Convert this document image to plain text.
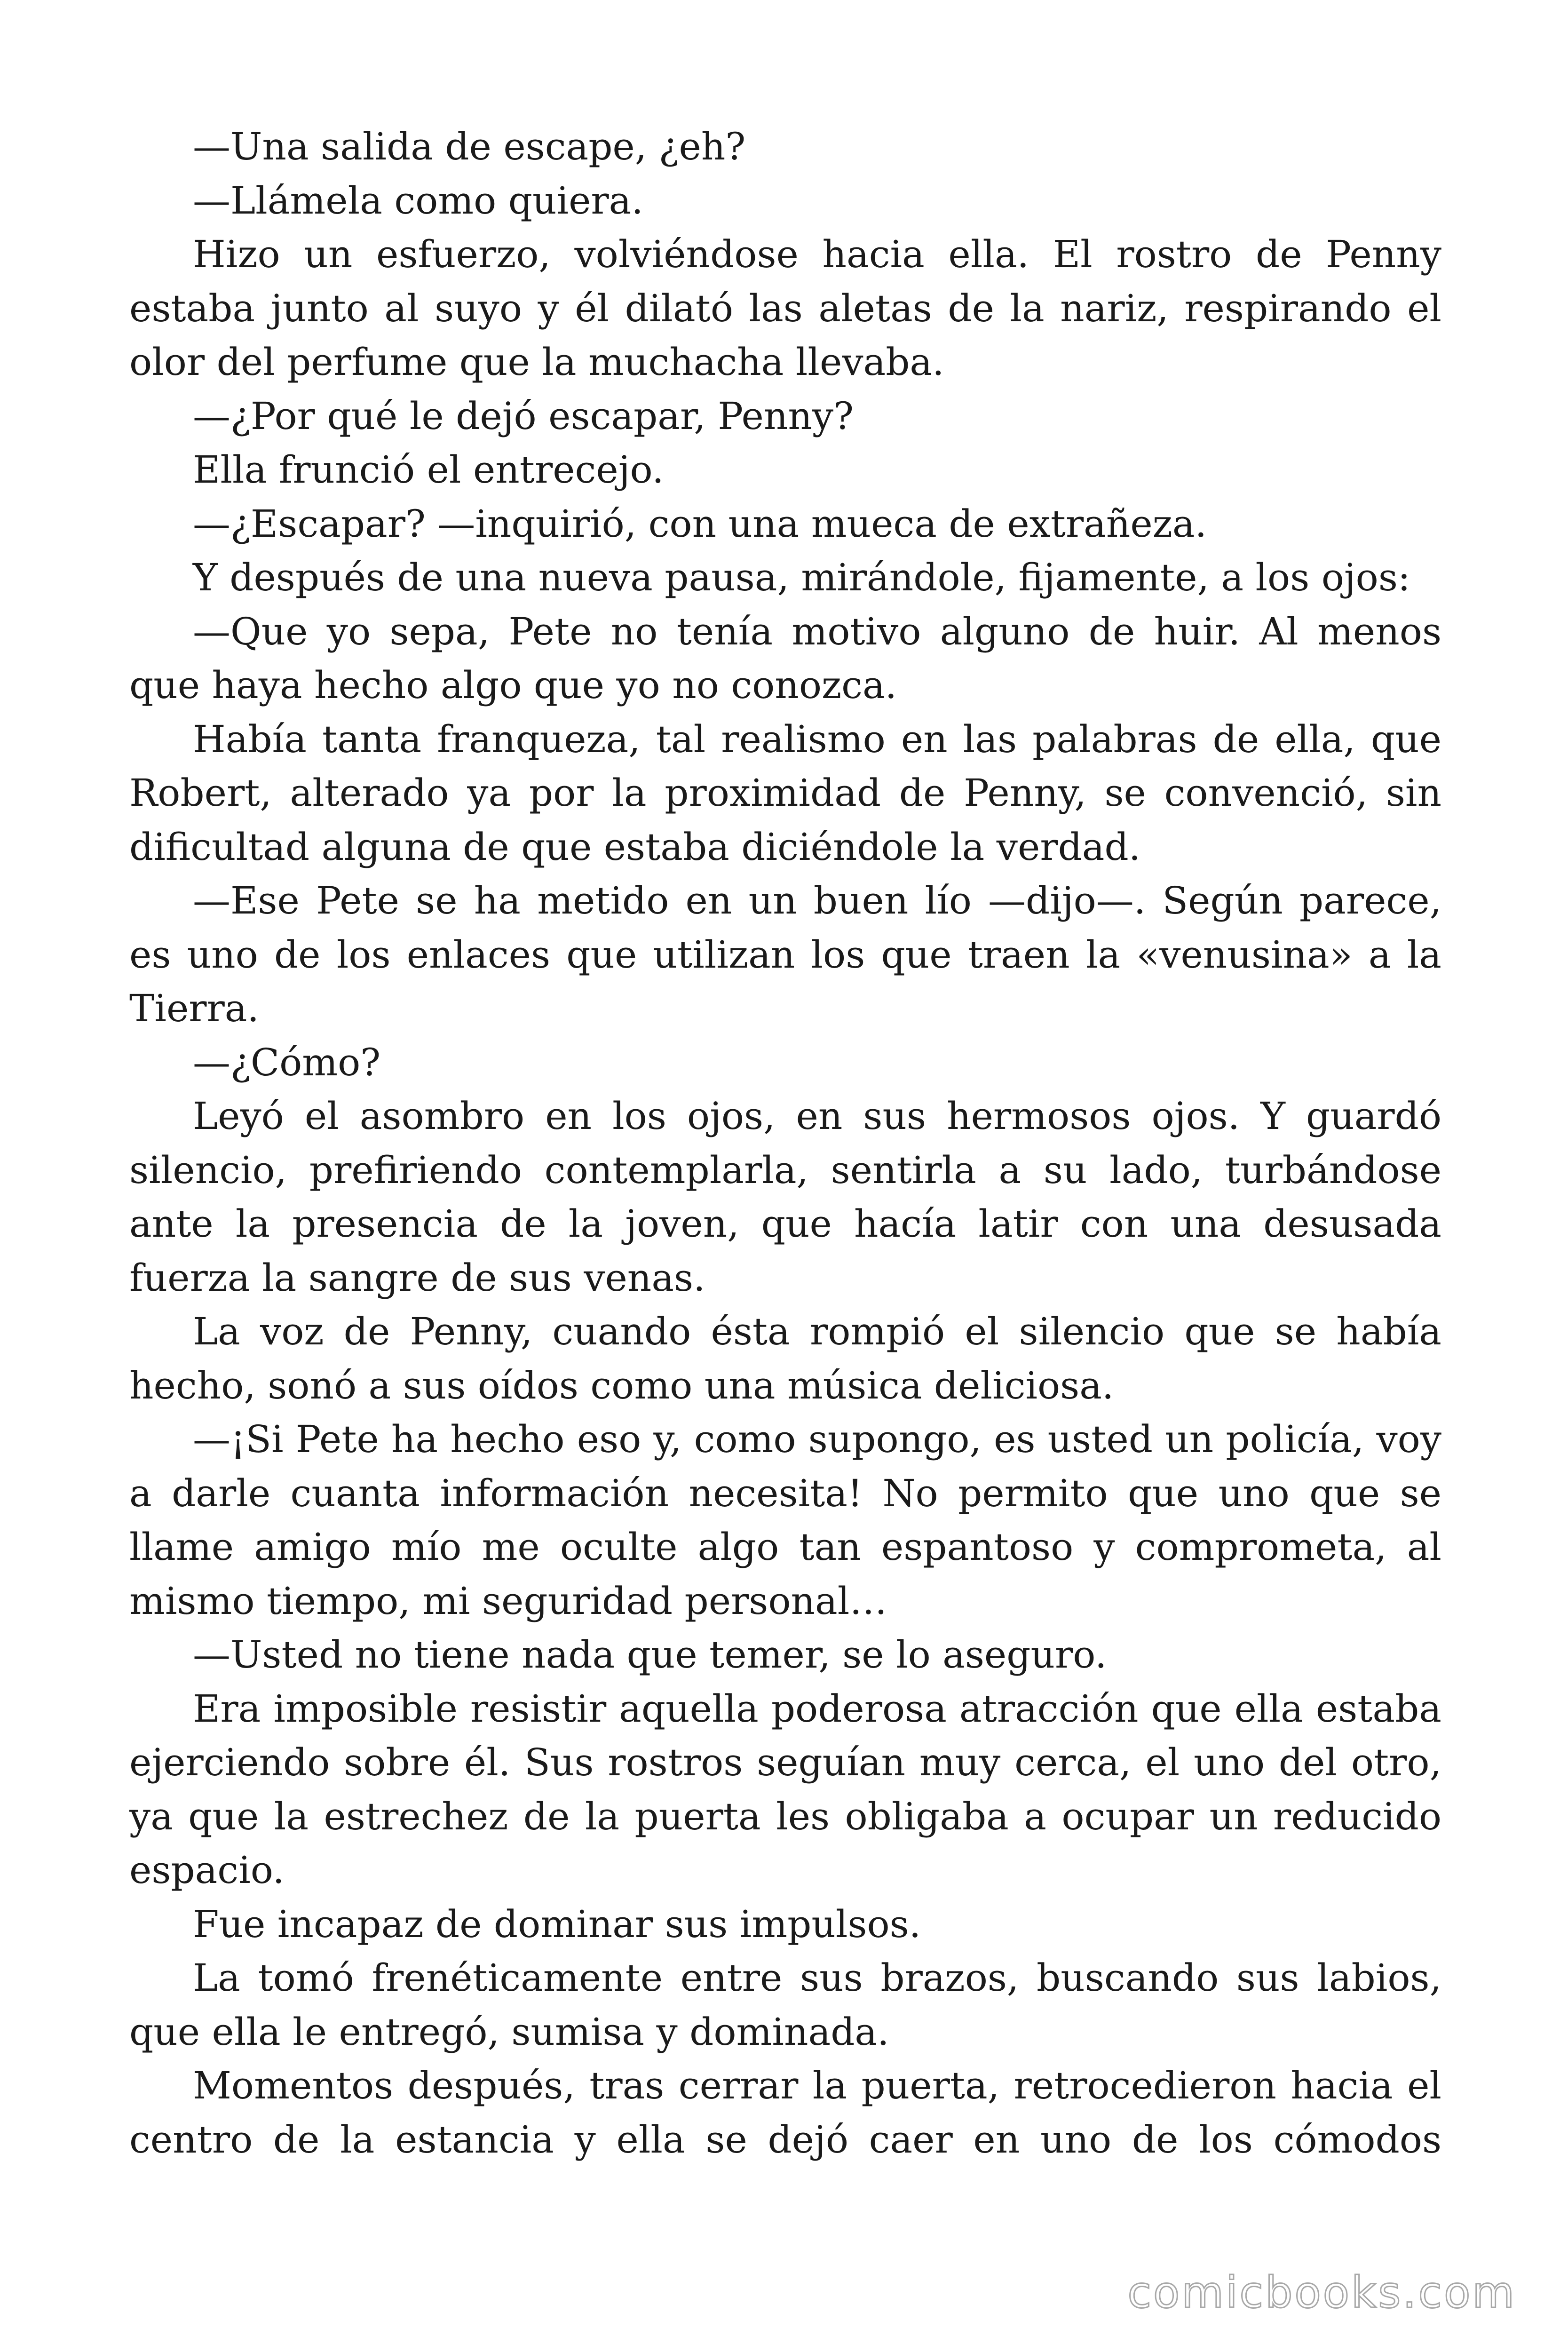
—Una salida de escape, ¿eh?

—Llámela como quiera.

Hizo un esfuerzo, volviéndose hacia ella. El rostro de Penny estaba junto al suyo y él dilató las aletas de la nariz, respirando el olor del perfume que la muchacha llevaba.

—¿Por qué le dejó escapar, Penny?

Ella frunció el entrecejo.

—¿Escapar? —inquirió, con una mueca de extrañeza.

Y después de una nueva pausa, mirándole, fijamente, a los ojos:

—Que yo sepa, Pete no tenía motivo alguno de huir. Al menos que haya hecho algo que yo no conozca.

Había tanta franqueza, tal realismo en las palabras de ella, que Robert, alterado ya por la proximidad de Penny, se convenció, sin dificultad alguna de que estaba diciéndole la verdad.

—Ese Pete se ha metido en un buen lío —dijo—. Según parece, es uno de los enlaces que utilizan los que traen la «venusina» a la Tierra.

—¿Cómo?

Leyó el asombro en los ojos, en sus hermosos ojos. Y guardó silencio, prefiriendo contemplarla, sentirla a su lado, turbándose ante la presencia de la joven, que hacía latir con una desusada fuerza la sangre de sus venas.

La voz de Penny, cuando ésta rompió el silencio que se había hecho, sonó a sus oídos como una música deliciosa.

—¡Si Pete ha hecho eso y, como supongo, es usted un policía, voy a darle cuanta información necesita! No permito que uno que se llame amigo mío me oculte algo tan espantoso y comprometa, al mismo tiempo, mi seguridad personal…

—Usted no tiene nada que temer, se lo aseguro.

Era imposible resistir aquella poderosa atracción que ella estaba ejerciendo sobre él. Sus rostros seguían muy cerca, el uno del otro, ya que la estrechez de la puerta les obligaba a ocupar un reducido espacio.

Fue incapaz de dominar sus impulsos.

La tomó frenéticamente entre sus brazos, buscando sus labios, que ella le entregó, sumisa y dominada.

Momentos después, tras cerrar la puerta, retrocedieron hacia el centro de la estancia y ella se dejó caer en uno de los cómodos

comicbooks.com
